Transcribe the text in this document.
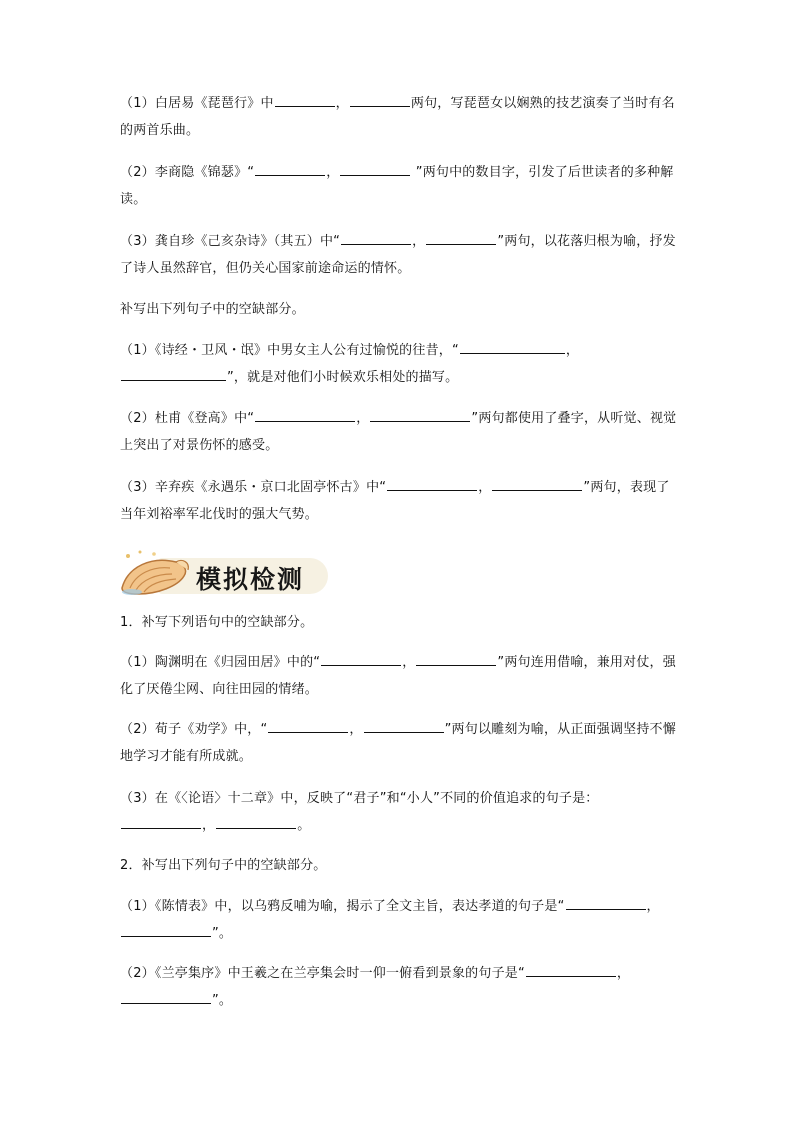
（1）白居易《琵琶行》中	，	两句，写琵琶女以娴熟的技艺演奏了当时有名的两首乐曲。
（2）李商隐《锦瑟》“	，	”两句中的数目字，引发了后世读者的多种解读。
（3）龚自珍《己亥杂诗》（其五）中“	，	”两句，以花落归根为喻，抒发了诗人虽然辞官，但仍关心国家前途命运的情怀。
补写出下列句子中的空缺部分。
（1）《诗经・卫风・氓》中男女主人公有过愉悦的往昔，“	，”，就是对他们小时候欢乐相处的描写。
（2）杜甫《登高》中“	，	”两句都使用了叠字，从听觉、视觉上突出了对景伤怀的感受。
（3）辛弃疾《永遇乐・京口北固亭怀古》中“	，	”两句，表现了当年刘裕率军北伐时的强大气势。
模拟检测
1．补写下列语句中的空缺部分。
（1）陶渊明在《归园田居》中的“	，	”两句连用借喻，兼用对仗，强化了厌倦尘网、向往田园的情绪。
（2）荀子《劝学》中，“	，	”两句以雕刻为喻，从正面强调坚持不懈地学习才能有所成就。
（3）在《〈论语〉十二章》中，反映了“君子”和“小人”不同的价值追求的句子是：，	。
2．补写出下列句子中的空缺部分。
（1）《陈情表》中，以乌鸦反哺为喻，揭示了全文主旨，表达孝道的句子是“	，”。
（2）《兰亭集序》中王羲之在兰亭集会时一仰一俯看到景象的句子是“	，”。
